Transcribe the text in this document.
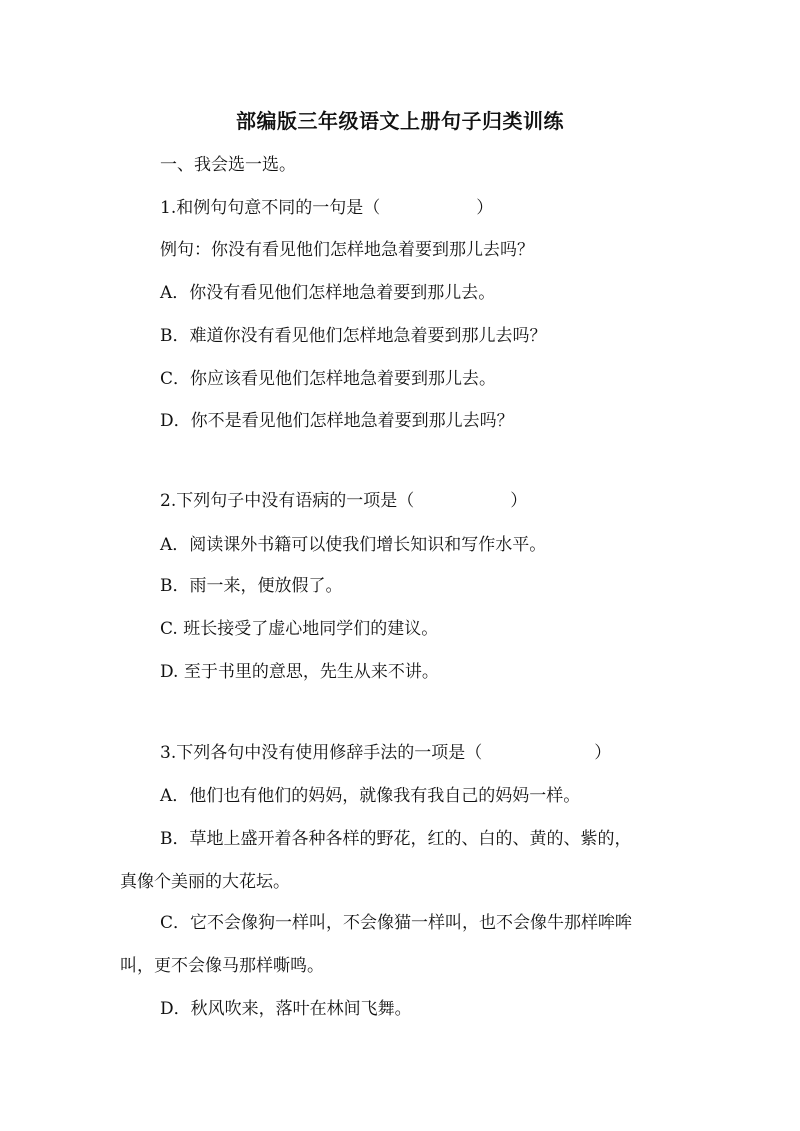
部编版三年级语文上册句子归类训练
一、我会选一选。
1.和例句句意不同的一句是（	）
例句：你没有看见他们怎样地急着要到那儿去吗？
A．你没有看见他们怎样地急着要到那儿去。
B．难道你没有看见他们怎样地急着要到那儿去吗？
C．你应该看见他们怎样地急着要到那儿去。
D．你不是看见他们怎样地急着要到那儿去吗？
2.下列句子中没有语病的一项是（	）
A．阅读课外书籍可以使我们增长知识和写作水平。
B．雨一来，便放假了。
C. 班长接受了虚心地同学们的建议。
D. 至于书里的意思，先生从来不讲。
3.下列各句中没有使用修辞手法的一项是（	）
A．他们也有他们的妈妈，就像我有我自己的妈妈一样。
B．草地上盛开着各种各样的野花，红的、白的、黄的、紫的，
真像个美丽的大花坛。
C．它不会像狗一样叫，不会像猫一样叫，也不会像牛那样哞哞
叫，更不会像马那样嘶鸣。
D．秋风吹来，落叶在林间飞舞。
